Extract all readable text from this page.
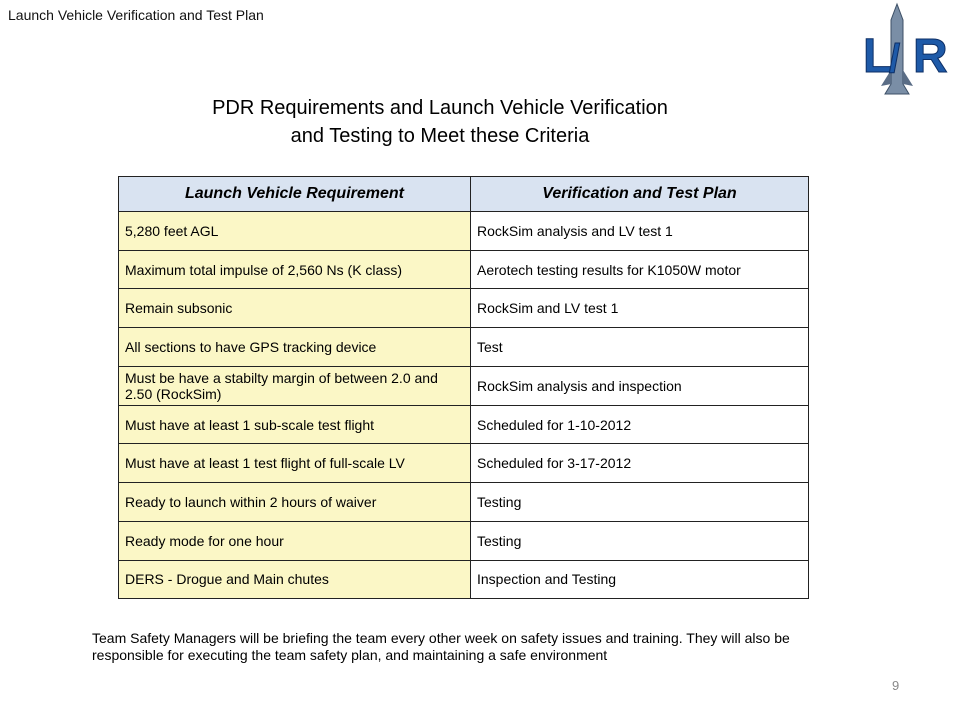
Launch Vehicle Verification and Test Plan
L
/ R
PDR Requirements and Launch Vehicle Verification
and Testing to Meet these Criteria
Launch Vehicle Requirement	Verification and Test Plan
5,280 feet AGL	RockSim analysis and LV test 1
Maximum total impulse of 2,560 Ns (K class)	Aerotech testing results for K1050W motor
Remain subsonic	RockSim and LV test 1
All sections to have GPS tracking device	Test
Must be have a stabilty margin of between 2.0 and 2.50 (RockSim)	RockSim analysis and inspection
Must have at least 1 sub-scale test flight	Scheduled for 1-10-2012
Must have at least 1 test flight of full-scale LV	Scheduled for 3-17-2012
Ready to launch within 2 hours of waiver	Testing
Ready mode for one hour	Testing
DERS - Drogue and Main chutes	Inspection and Testing
Team Safety Managers will be briefing the team every other week on safety issues and training. They will also be responsible for executing the team safety plan, and maintaining a safe environment
9
